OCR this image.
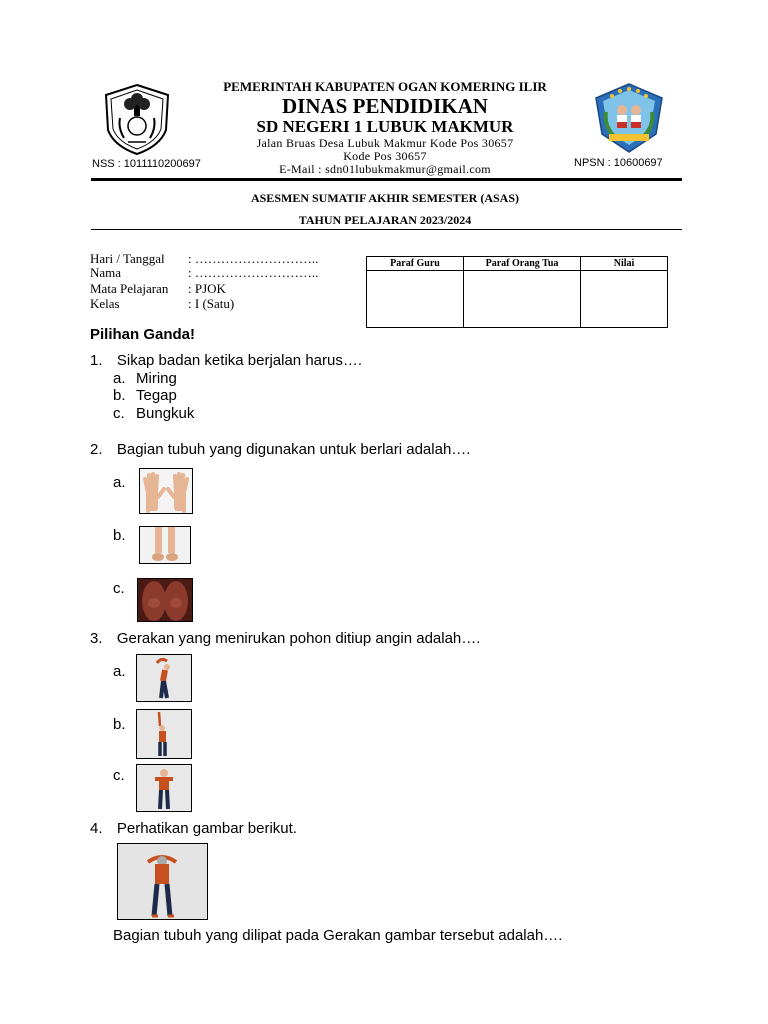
PEMERINTAH KABUPATEN OGAN KOMERING ILIR
DINAS PENDIDIKAN
SD NEGERI 1 LUBUK MAKMUR
Jalan Bruas Desa Lubuk Makmur Kode Pos 30657
Kode Pos 30657
E-Mail : sdn01lubukmakmur@gmail.com
NSS : 1011110200697	NPSN : 10600697
ASESMEN SUMATIF AKHIR SEMESTER (ASAS)
TAHUN PELAJARAN 2023/2024
Hari / Tanggal	: ………………………..
Nama	: ………………………..
Mata Pelajaran	: PJOK
Kelas	: I (Satu)
Paraf Guru	Paraf Orang Tua	Nilai

Pilihan Ganda!
1. Sikap badan ketika berjalan harus….
a. Miring
b. Tegap
c. Bungkuk
2. Bagian tubuh yang digunakan untuk berlari adalah….
a.
b.
c.
3. Gerakan yang menirukan pohon ditiup angin adalah….
a.
b.
c.
4. Perhatikan gambar berikut.
Bagian tubuh yang dilipat pada Gerakan gambar tersebut adalah….
